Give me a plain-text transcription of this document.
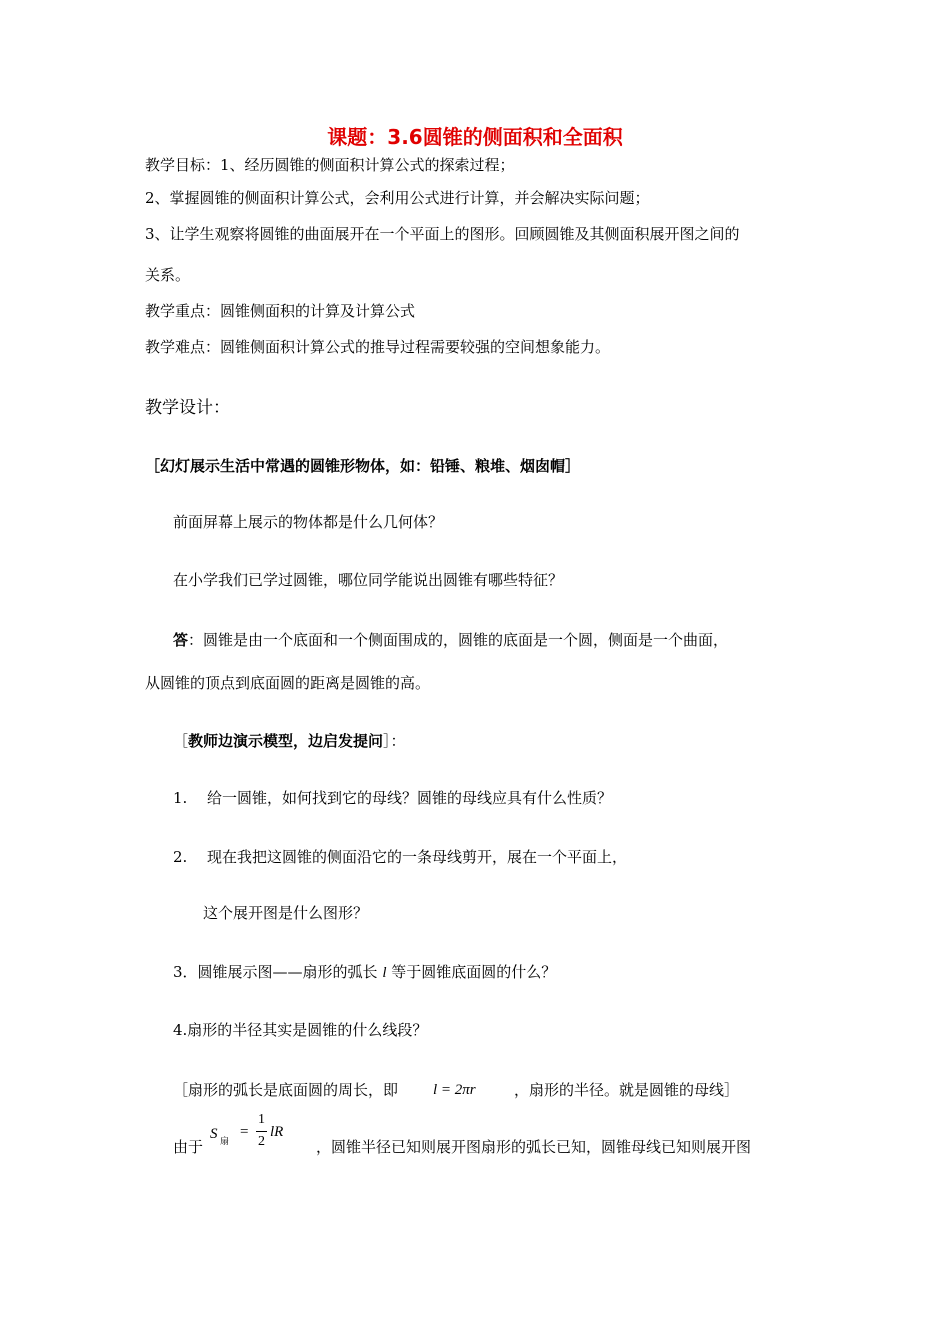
课题：3.6圆锥的侧面积和全面积
教学目标：1、经历圆锥的侧面积计算公式的探索过程；
2、掌握圆锥的侧面积计算公式，会利用公式进行计算，并会解决实际问题；
3、让学生观察将圆锥的曲面展开在一个平面上的图形。回顾圆锥及其侧面积展开图之间的
关系。
教学重点：圆锥侧面积的计算及计算公式
教学难点：圆锥侧面积计算公式的推导过程需要较强的空间想象能力。
教学设计：
［幻灯展示生活中常遇的圆锥形物体，如：铅锤、粮堆、烟囱帽］
前面屏幕上展示的物体都是什么几何体？
在小学我们已学过圆锥，哪位同学能说出圆锥有哪些特征？
答：圆锥是由一个底面和一个侧面围成的，圆锥的底面是一个圆，侧面是一个曲面，
从圆锥的顶点到底面圆的距离是圆锥的高。
［教师边演示模型，边启发提问］：
1. 给一圆锥，如何找到它的母线？圆锥的母线应具有什么性质？
2. 现在我把这圆锥的侧面沿它的一条母线剪开，展在一个平面上，
这个展开图是什么图形？
3．圆锥展示图——扇形的弧长 l 等于圆锥底面圆的什么？
4.扇形的半径其实是圆锥的什么线段？
［扇形的弧长是底面圆的周长，即 l = 2πr	，扇形的半径。就是圆锥的母线］
由于
S 扇
=
1
2
lR
，圆锥半径已知则展开图扇形的弧长已知，圆锥母线已知则展开图
